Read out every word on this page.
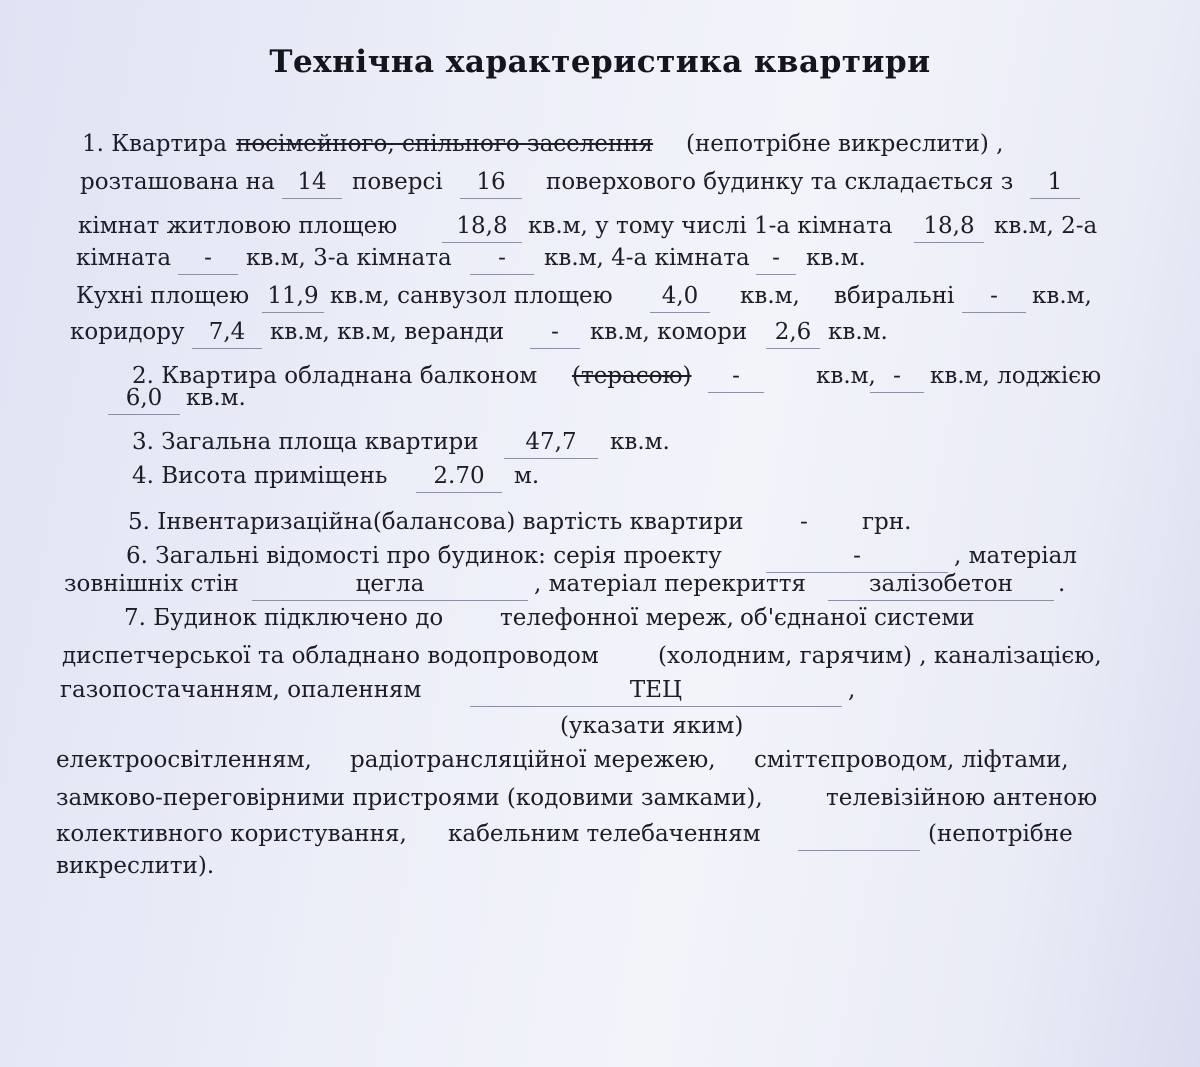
Технічна характеристика квартири
1. Квартира посімейного, спільного заселення (непотрібне викреслити) ,
розташована на 14	поверсі	16	поверхового будинку та складається з	1
кімнат житловою площею	18,8 кв.м, у тому числі 1-а кімната	18,8 кв.м, 2-а
кімната	-	кв.м, 3-а кімната	-	кв.м, 4-а кімната -	кв.м.
Кухні площею 11,9 кв.м, санвузол площею	4,0	кв.м, вбиральні	-	кв.м,
коридору	7,4	кв.м, кв.м, веранди	-	кв.м, комори	2,6 кв.м.
2. Квартира обладнана балконом (терасою)	-	кв.м, -	кв.м, лоджією
6,0	кв.м.
3. Загальна площа квартири	47,7	кв.м.
4. Висота приміщень	2.70	м.
5. Інвентаризаційна(балансова) вартість квартири - грн.
6. Загальні відомості про будинок: серія проекту	-	, матеріал
зовнішніх стін	цегла	, матеріал перекриття	залізобетон	.
7. Будинок підключено до телефонної мереж, об'єднаної системи
диспетчерської та обладнано водопроводом	(холодним, гарячим) , каналізацією,
газопостачанням, опаленням	ТЕЦ	,
(указати яким)
електроосвітленням, радіотрансляційної мережею, сміттєпроводом, ліфтами,
замково-переговірними пристроями (кодовими замками),	телевізійною антеною
колективного користування, кабельним телебаченням	(непотрібне
викреслити).
